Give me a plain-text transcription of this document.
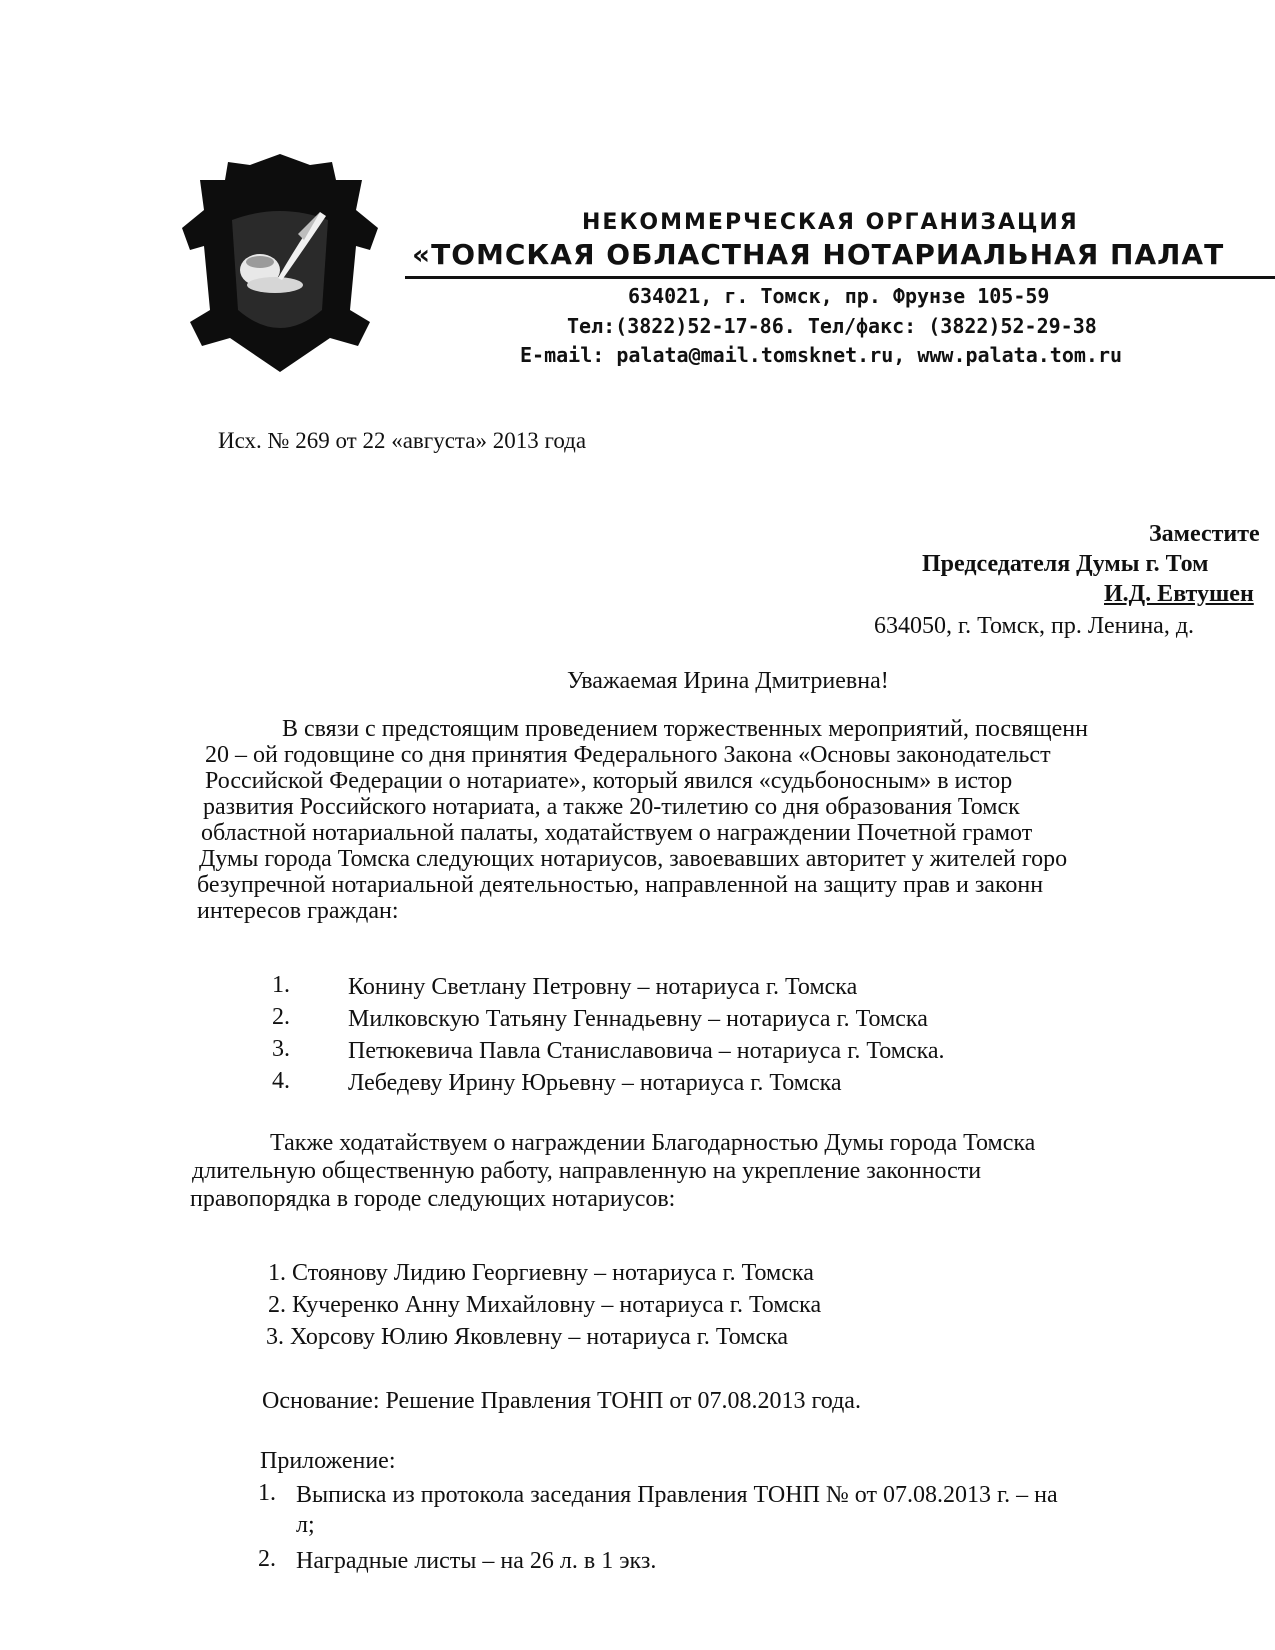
НЕКОММЕРЧЕСКАЯ ОРГАНИЗАЦИЯ
«ТОМСКАЯ ОБЛАСТНАЯ НОТАРИАЛЬНАЯ ПАЛАТ
634021, г. Томск, пр. Фрунзе 105-59
Тел:(3822)52-17-86. Тел/факс: (3822)52-29-38
E-mail: palata@mail.tomsknet.ru, www.palata.tom.ru
Исх. № 269 от 22 «августа» 2013 года
Заместите
Председателя Думы г. Том
И.Д. Евтушен
634050, г. Томск, пр. Ленина, д.
Уважаемая Ирина Дмитриевна!
В связи с предстоящим проведением торжественных мероприятий, посвященн
20 – ой годовщине со дня принятия Федерального Закона «Основы законодательст
Российской Федерации о нотариате», который явился «судьбоносным» в истор
развития Российского нотариата, а также 20-тилетию со дня образования Томск
областной нотариальной палаты, ходатайствуем о награждении Почетной грамот
Думы города Томска следующих нотариусов, завоевавших авторитет у жителей горо
безупречной нотариальной деятельностью, направленной на защиту прав и законн
интересов граждан:
1. Конину Светлану Петровну – нотариуса г. Томска
2. Милковскую Татьяну Геннадьевну – нотариуса г. Томска
3. Петюкевича Павла Станиславовича – нотариуса г. Томска.
4. Лебедеву Ирину Юрьевну – нотариуса г. Томска
Также ходатайствуем о награждении Благодарностью Думы города Томска
длительную общественную работу, направленную на укрепление законности
правопорядка в городе следующих нотариусов:
1. Стоянову Лидию Георгиевну – нотариуса г. Томска
2. Кучеренко Анну Михайловну – нотариуса г. Томска
3. Хорсову Юлию Яковлевну – нотариуса г. Томска
Основание: Решение Правления ТОНП от 07.08.2013 года.
Приложение:
1. Выписка из протокола заседания Правления ТОНП № от 07.08.2013 г. – на
л;
2. Наградные листы – на 26 л. в 1 экз.
